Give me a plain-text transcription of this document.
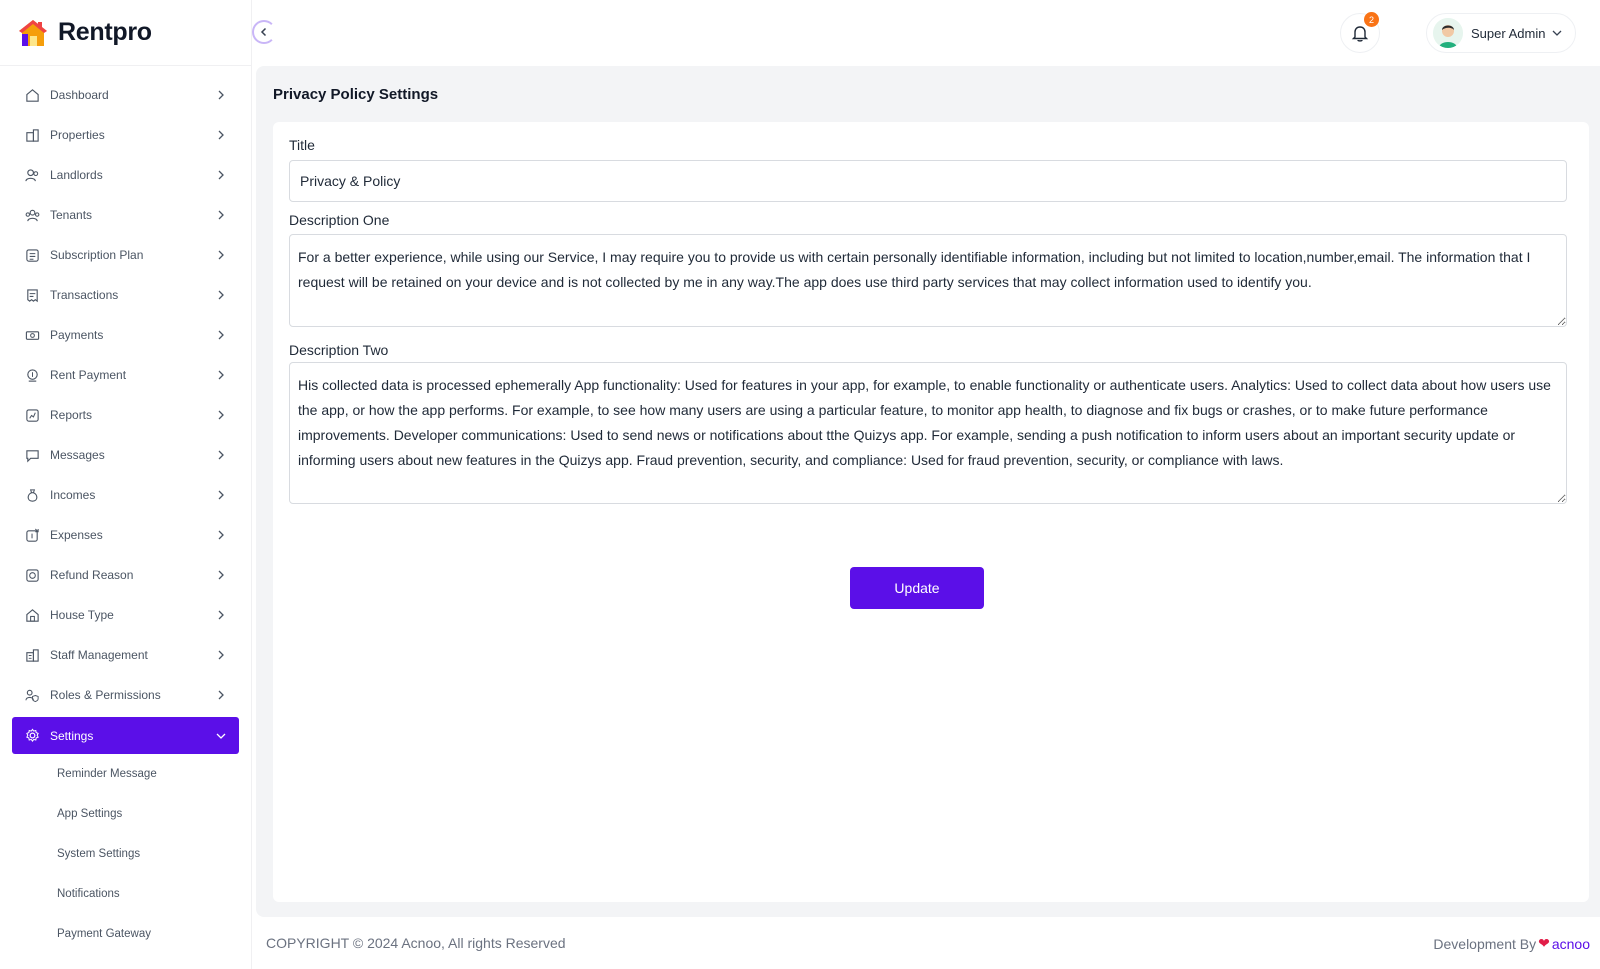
Rentpro
Dashboard
Properties
Landlords
Tenants
Subscription Plan
Transactions
Payments
Rent Payment
Reports
Messages
Incomes
Expenses
Refund Reason
House Type
Staff Management
Roles & Permissions
Settings
Reminder Message
App Settings
System Settings
Notifications
Payment Gateway
2
Super Admin
Privacy Policy Settings
Title
Privacy & Policy
Description One
For a better experience, while using our Service, I may require you to provide us with certain personally identifiable information, including but not limited to location,number,email. The information that I request will be retained on your device and is not collected by me in any way.The app does use third party services that may collect information used to identify you.
Description Two
His collected data is processed ephemerally App functionality: Used for features in your app, for example, to enable functionality or authenticate users. Analytics: Used to collect data about how users use the app, or how the app performs. For example, to see how many users are using a particular feature, to monitor app health, to diagnose and fix bugs or crashes, or to make future performance improvements. Developer communications: Used to send news or notifications about tthe Quizys app. For example, sending a push notification to inform users about an important security update or informing users about new features in the Quizys app. Fraud prevention, security, and compliance: Used for fraud prevention, security, or compliance with laws.
Update
COPYRIGHT © 2024 Acnoo, All rights Reserved	Development By ❤ acnoo
